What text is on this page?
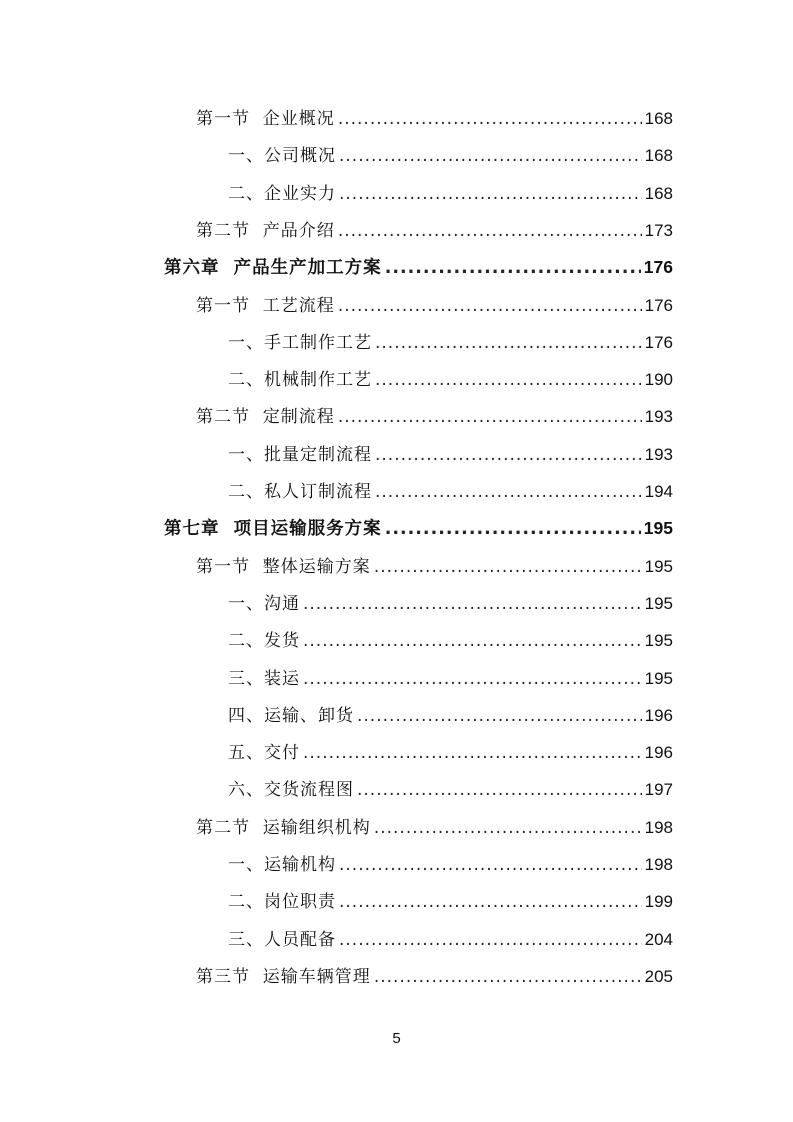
第一节  企业概况 .....	168
一、公司概况 .....	168
二、企业实力 .....	168
第二节  产品介绍 .....	173
第六章  产品生产加工方案 .....	176
第一节  工艺流程 .....	176
一、手工制作工艺 .....	176
二、机械制作工艺 .....	190
第二节  定制流程 .....	193
一、批量定制流程 .....	193
二、私人订制流程 .....	194
第七章  项目运输服务方案 .....	195
第一节  整体运输方案 .....	195
一、沟通 .....	195
二、发货 .....	195
三、装运 .....	195
四、运输、卸货 .....	196
五、交付 .....	196
六、交货流程图 .....	197
第二节  运输组织机构 .....	198
一、运输机构 .....	198
二、岗位职责 .....	199
三、人员配备 .....	204
第三节  运输车辆管理 .....	205
5
